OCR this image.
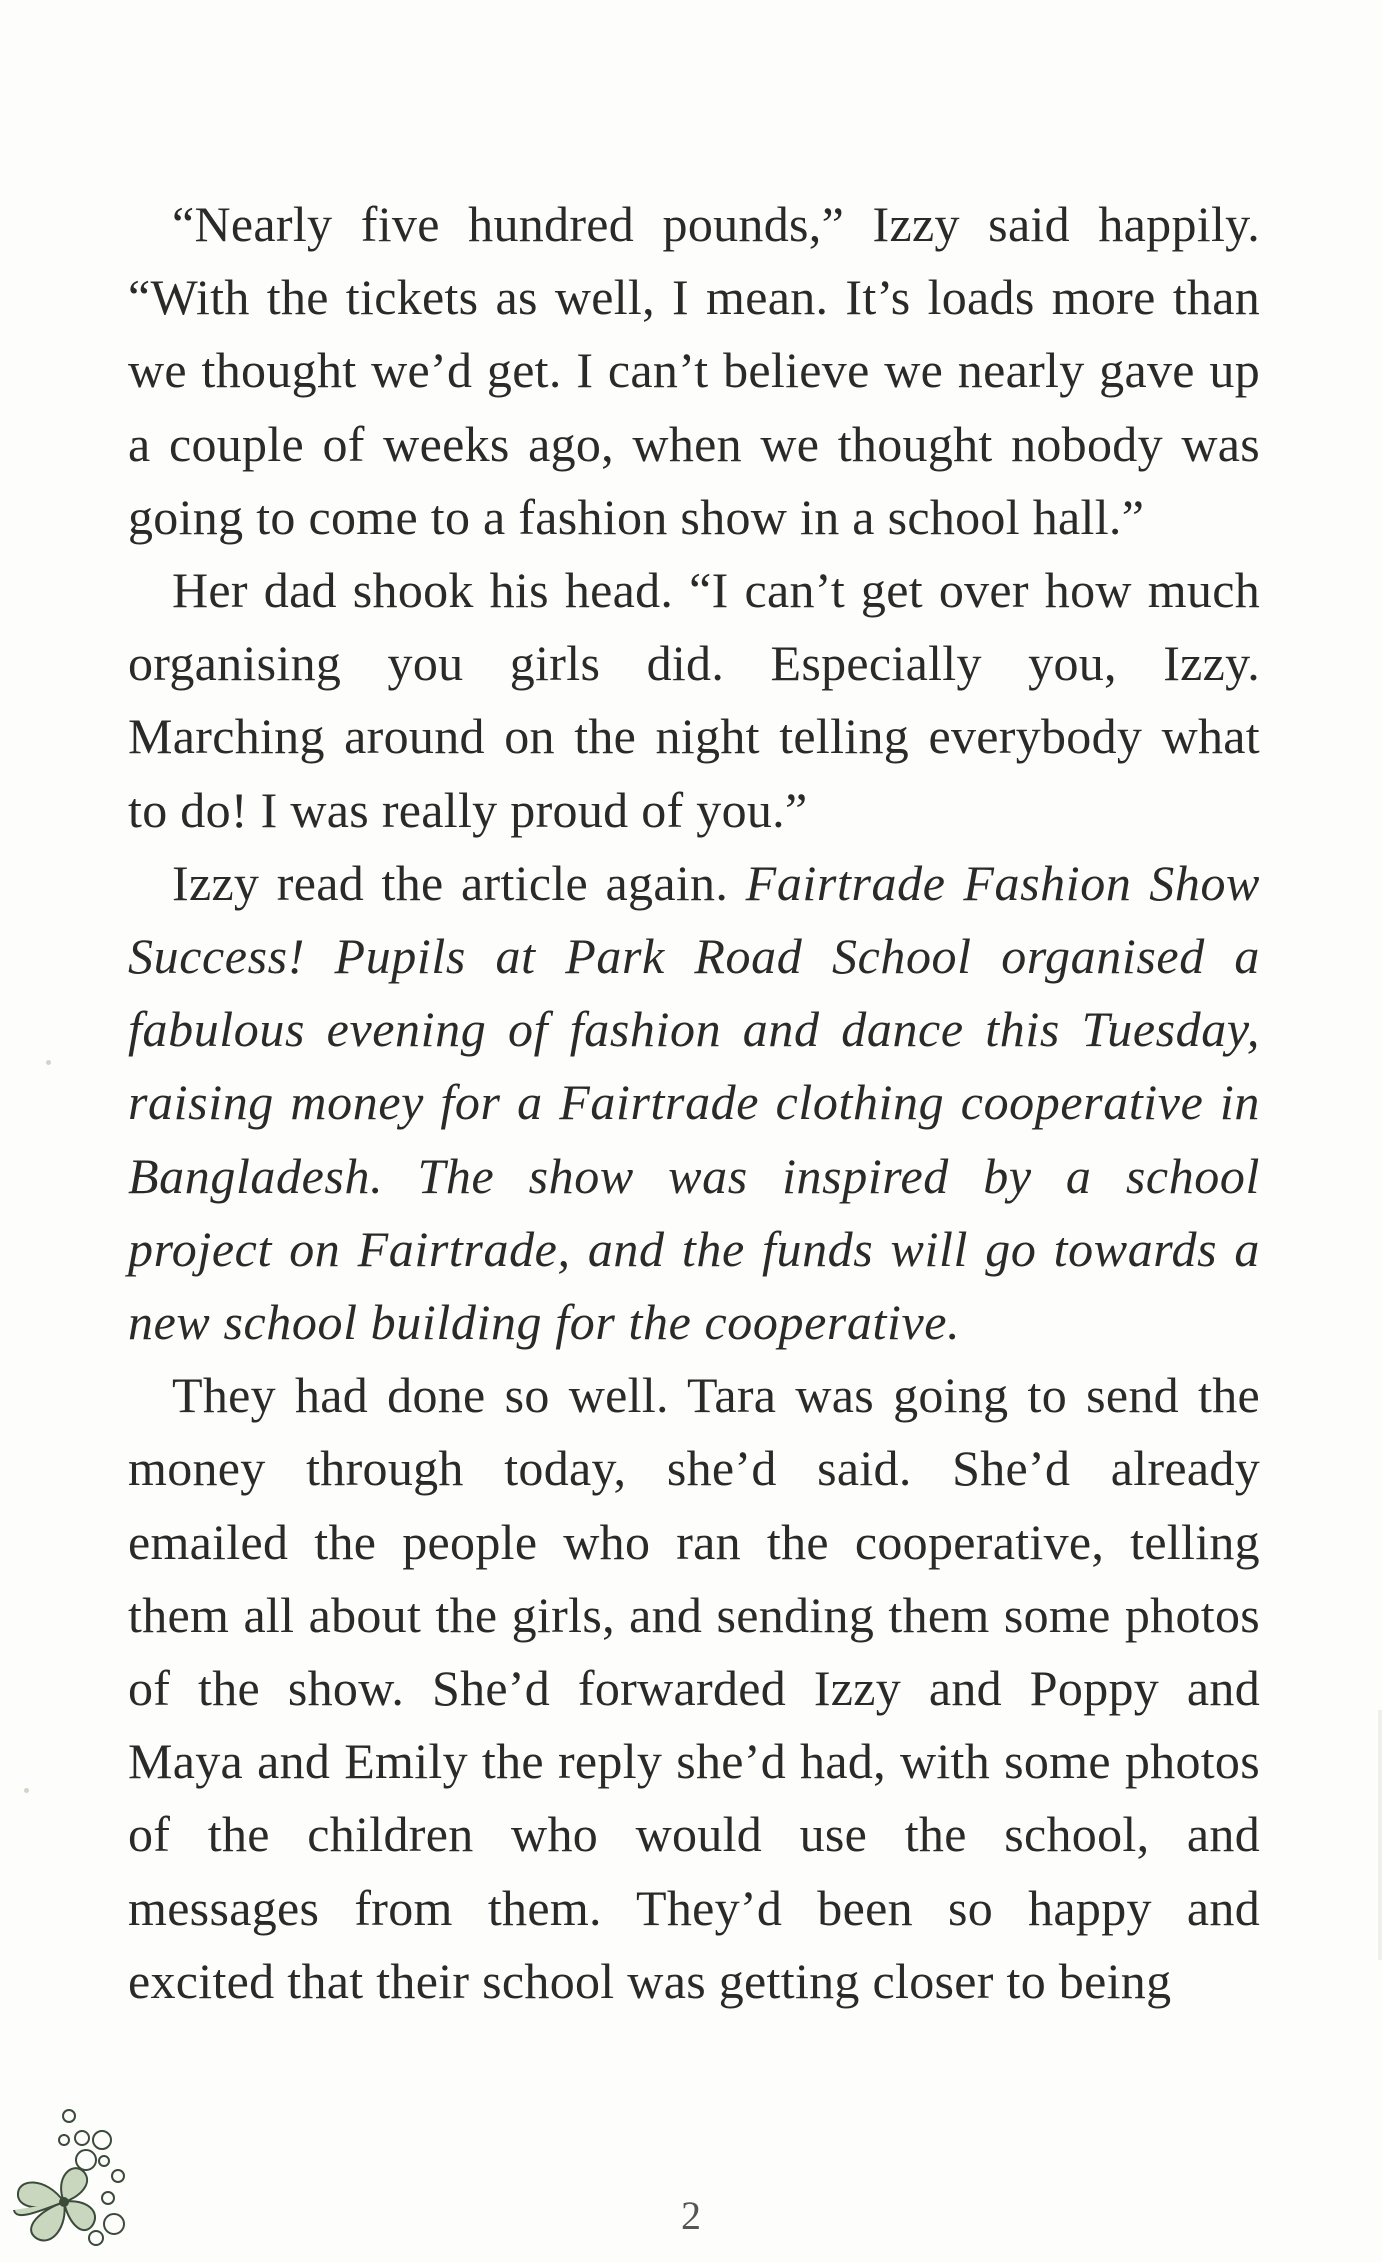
“Nearly five hundred pounds,” Izzy said happily. “With the tickets as well, I mean. It’s loads more than we thought we’d get. I can’t believe we nearly gave up a couple of weeks ago, when we thought nobody was going to come to a fashion show in a school hall.”

Her dad shook his head. “I can’t get over how much organising you girls did. Especially you, Izzy. Marching around on the night telling everybody what to do! I was really proud of you.”

Izzy read the article again. Fairtrade Fashion Show Success! Pupils at Park Road School organised a fabulous evening of fashion and dance this Tuesday, raising money for a Fairtrade clothing cooperative in Bangladesh. The show was inspired by a school project on Fairtrade, and the funds will go towards a new school building for the cooperative.

They had done so well. Tara was going to send the money through today, she’d said. She’d already emailed the people who ran the cooperative, telling them all about the girls, and sending them some photos of the show. She’d forwarded Izzy and Poppy and Maya and Emily the reply she’d had, with some photos of the children who would use the school, and messages from them. They’d been so happy and excited that their school was getting closer to being

2
